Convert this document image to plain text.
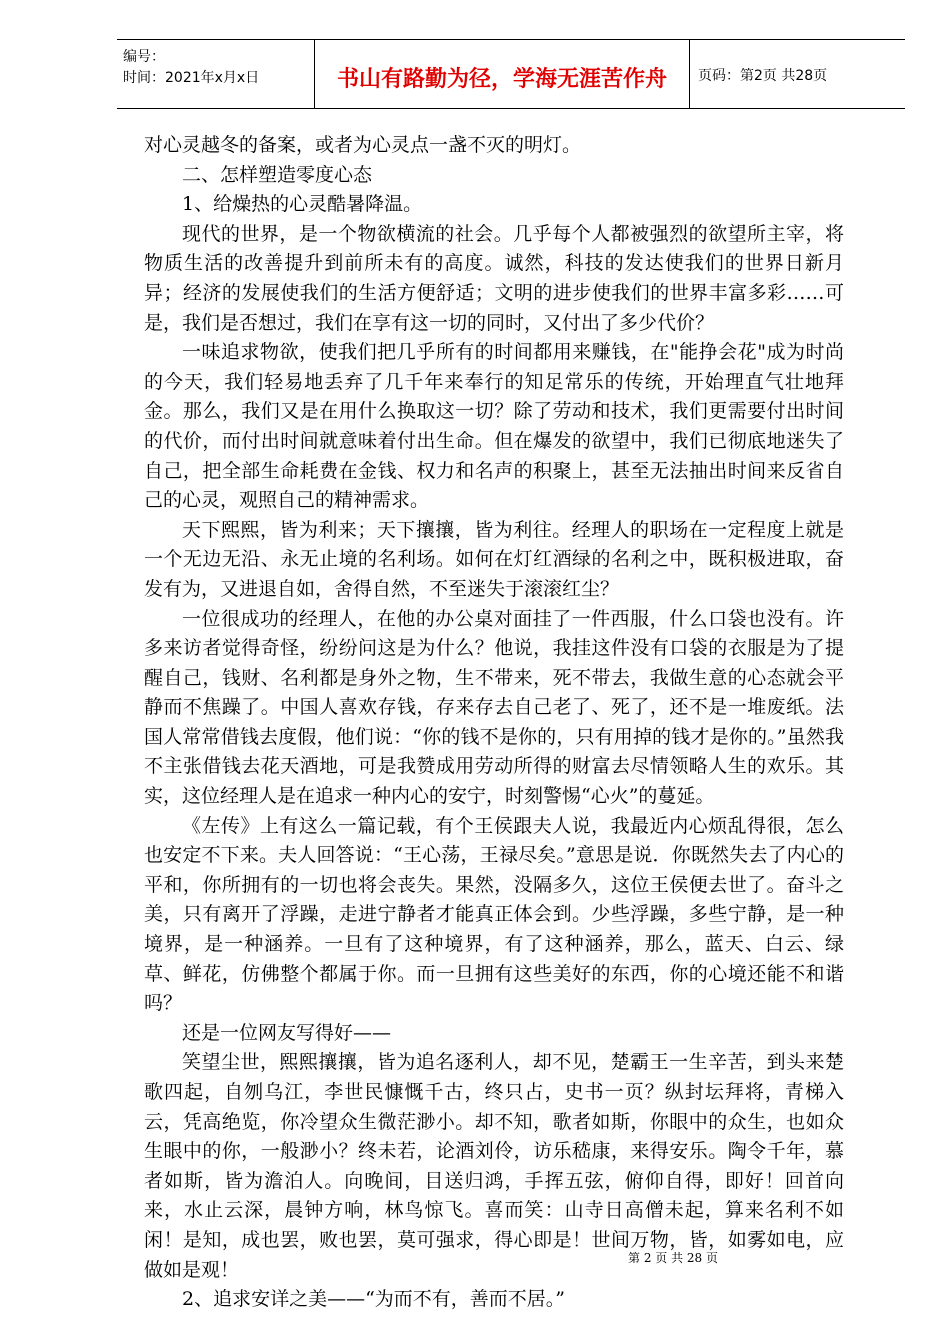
编号：
时间：2021年x月x日	书山有路勤为径，学海无涯苦作舟	页码：第2页 共28页

对心灵越冬的备案，或者为心灵点一盏不灭的明灯。

二、怎样塑造零度心态

1、给燥热的心灵酷暑降温。

现代的世界，是一个物欲横流的社会。几乎每个人都被强烈的欲望所主宰，将物质生活的改善提升到前所未有的高度。诚然，科技的发达使我们的世界日新月异；经济的发展使我们的生活方便舒适；文明的进步使我们的世界丰富多彩……可是，我们是否想过，我们在享有这一切的同时，又付出了多少代价？

一味追求物欲，使我们把几乎所有的时间都用来赚钱，在"能挣会花"成为时尚的今天，我们轻易地丢弃了几千年来奉行的知足常乐的传统，开始理直气壮地拜金。那么，我们又是在用什么换取这一切？除了劳动和技术，我们更需要付出时间的代价，而付出时间就意味着付出生命。但在爆发的欲望中，我们已彻底地迷失了自己，把全部生命耗费在金钱、权力和名声的积聚上，甚至无法抽出时间来反省自己的心灵，观照自己的精神需求。

天下熙熙，皆为利来；天下攘攘，皆为利往。经理人的职场在一定程度上就是一个无边无沿、永无止境的名利场。如何在灯红酒绿的名利之中，既积极进取，奋发有为，又进退自如，舍得自然，不至迷失于滚滚红尘？

一位很成功的经理人，在他的办公桌对面挂了一件西服，什么口袋也没有。许多来访者觉得奇怪，纷纷问这是为什么？他说，我挂这件没有口袋的衣服是为了提醒自己，钱财、名利都是身外之物，生不带来，死不带去，我做生意的心态就会平静而不焦躁了。中国人喜欢存钱，存来存去自己老了、死了，还不是一堆废纸。法国人常常借钱去度假，他们说：“你的钱不是你的，只有用掉的钱才是你的。”虽然我不主张借钱去花天酒地，可是我赞成用劳动所得的财富去尽情领略人生的欢乐。其实，这位经理人是在追求一种内心的安宁，时刻警惕“心火”的蔓延。

《左传》上有这么一篇记载，有个王侯跟夫人说，我最近内心烦乱得很，怎么也安定不下来。夫人回答说：“王心荡，王禄尽矣。”意思是说．你既然失去了内心的平和，你所拥有的一切也将会丧失。果然，没隔多久，这位王侯便去世了。奋斗之美，只有离开了浮躁，走进宁静者才能真正体会到。少些浮躁，多些宁静，是一种境界，是一种涵养。一旦有了这种境界，有了这种涵养，那么，蓝天、白云、绿草、鲜花，仿佛整个都属于你。而一旦拥有这些美好的东西，你的心境还能不和谐吗？

还是一位网友写得好——

笑望尘世，熙熙攘攘，皆为追名逐利人，却不见，楚霸王一生辛苦，到头来楚歌四起，自刎乌江，李世民慷慨千古，终只占，史书一页？纵封坛拜将，青梯入云，凭高绝览，你冷望众生微茫渺小。却不知，歌者如斯，你眼中的众生，也如众生眼中的你，一般渺小？终未若，论酒刘伶，访乐嵇康，来得安乐。陶令千年，慕者如斯，皆为澹泊人。向晚间，目送归鸿，手挥五弦，俯仰自得，即好！回首向来，水止云深，晨钟方响，林鸟惊飞。喜而笑：山寺日高僧未起，算来名利不如闲！是知，成也罢，败也罢，莫可强求，得心即是！世间万物，皆，如雾如电，应做如是观！

2、追求安详之美——“为而不有，善而不居。”

第 2 页 共 28 页
